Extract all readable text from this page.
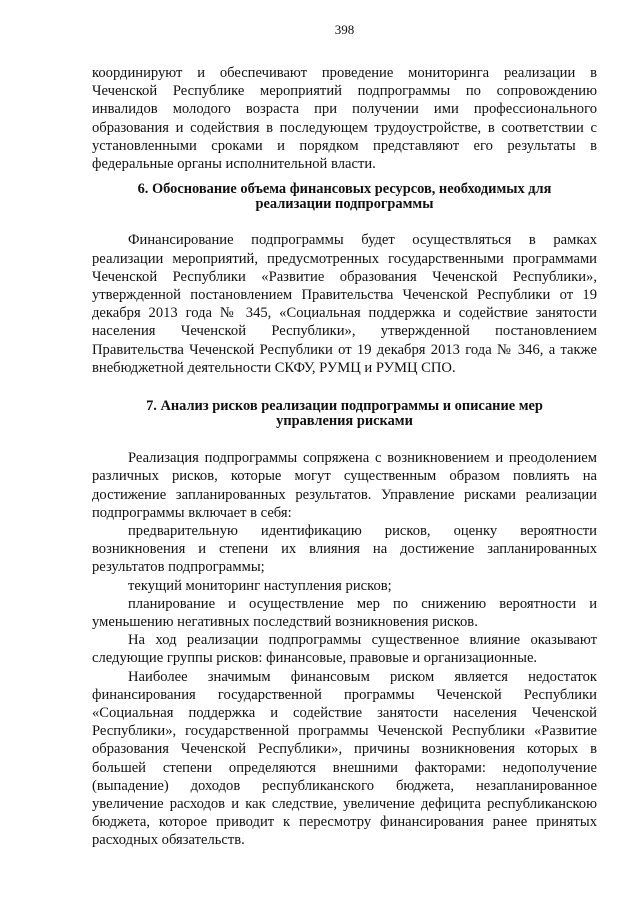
398

координируют и обеспечивают проведение мониторинга реализации в Чеченской Республике мероприятий подпрограммы по сопровождению инвалидов молодого возраста при получении ими профессионального образования и содействия в последующем трудоустройстве, в соответствии с установленными сроками и порядком представляют его результаты в федеральные органы исполнительной власти.

6. Обоснование объема финансовых ресурсов, необходимых для
реализации подпрограммы

Финансирование подпрограммы будет осуществляться в рамках реализации мероприятий, предусмотренных государственными программами Чеченской Республики «Развитие образования Чеченской Республики», утвержденной постановлением Правительства Чеченской Республики от 19 декабря 2013 года № 345, «Социальная поддержка и содействие занятости населения Чеченской Республики», утвержденной постановлением Правительства Чеченской Республики от 19 декабря 2013 года № 346, а также внебюджетной деятельности СКФУ, РУМЦ и РУМЦ СПО.

7. Анализ рисков реализации подпрограммы и описание мер
управления рисками

Реализация подпрограммы сопряжена с возникновением и преодолением различных рисков, которые могут существенным образом повлиять на достижение запланированных результатов. Управление рисками реализации подпрограммы включает в себя:

предварительную идентификацию рисков, оценку вероятности возникновения и степени их влияния на достижение запланированных результатов подпрограммы;

текущий мониторинг наступления рисков;

планирование и осуществление мер по снижению вероятности и уменьшению негативных последствий возникновения рисков.

На ход реализации подпрограммы существенное влияние оказывают следующие группы рисков: финансовые, правовые и организационные.

Наиболее значимым финансовым риском является недостаток финансирования государственной программы Чеченской Республики «Социальная поддержка и содействие занятости населения Чеченской Республики», государственной программы Чеченской Республики «Развитие образования Чеченской Республики», причины возникновения которых в большей степени определяются внешними факторами: недополучение (выпадение) доходов республиканского бюджета, незапланированное увеличение расходов и как следствие, увеличение дефицита республиканскою бюджета, которое приводит к пересмотру финансирования ранее принятых расходных обязательств.
